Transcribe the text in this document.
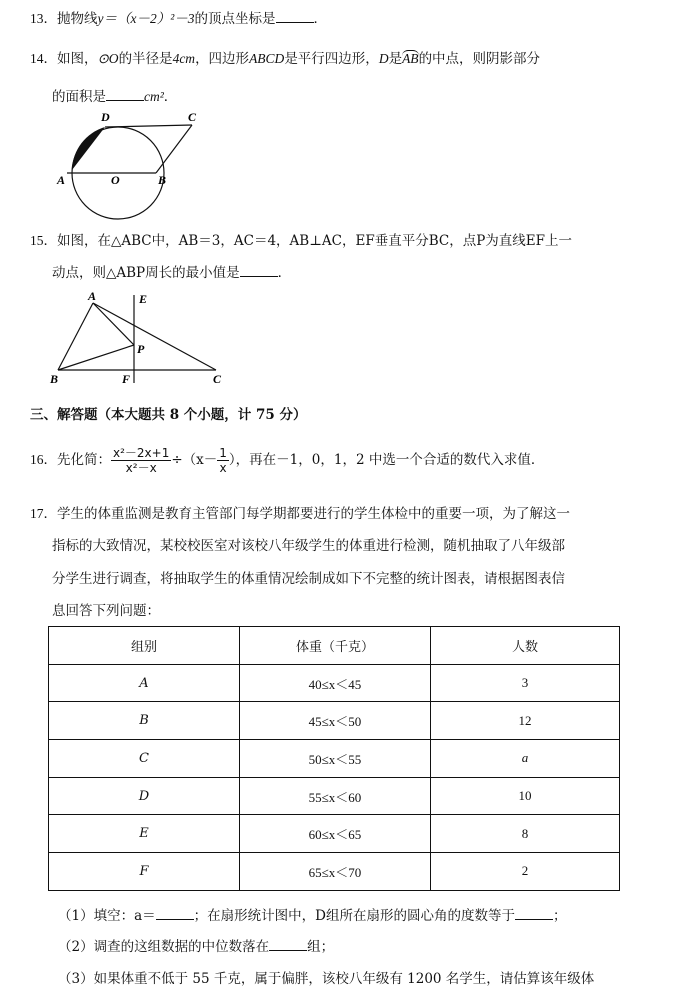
13．抛物线y＝（x－2）²－3的顶点坐标是	．
14．如图，⊙O的半径是4cm，四边形ABCD是平行四边形，D是AB的中点，则阴影部分
的面积是	cm²．
D	C
A	O	B
15．如图，在△ABC中，AB＝3，AC＝4，AB⊥AC，EF垂直平分BC，点P为直线EF上一
动点，则△ABP周长的最小值是	．
A	E
P
B	F	C
三、解答题（本大题共 8 个小题，计 75 分）
16．先化简： $\frac{\text{x²－2x+1}}{\text{x²－x}} \div(x- \frac{1}{x}$ ），再在－1，0，1，2 中选一个合适的数代入求值．
17．学生的体重监测是教育主管部门每学期都要进行的学生体检中的重要一项，为了解这一
指标的大致情况，某校校医室对该校八年级学生的体重进行检测，随机抽取了八年级部
分学生进行调查，将抽取学生的体重情况绘制成如下不完整的统计图表，请根据图表信
息回答下列问题：
组别	体重（千克）	人数
A	40≤x＜45	3
B	45≤x＜50	12
C	50≤x＜55	a
D	55≤x＜60	10
E	60≤x＜65	8
F	65≤x＜70	2
（1）填空：a＝	；在扇形统计图中，D组所在扇形的圆心角的度数等于	；
（2）调查的这组数据的中位数落在	组；
（3）如果体重不低于 55 千克，属于偏胖，该校八年级有 1200 名学生，请估算该年级体
